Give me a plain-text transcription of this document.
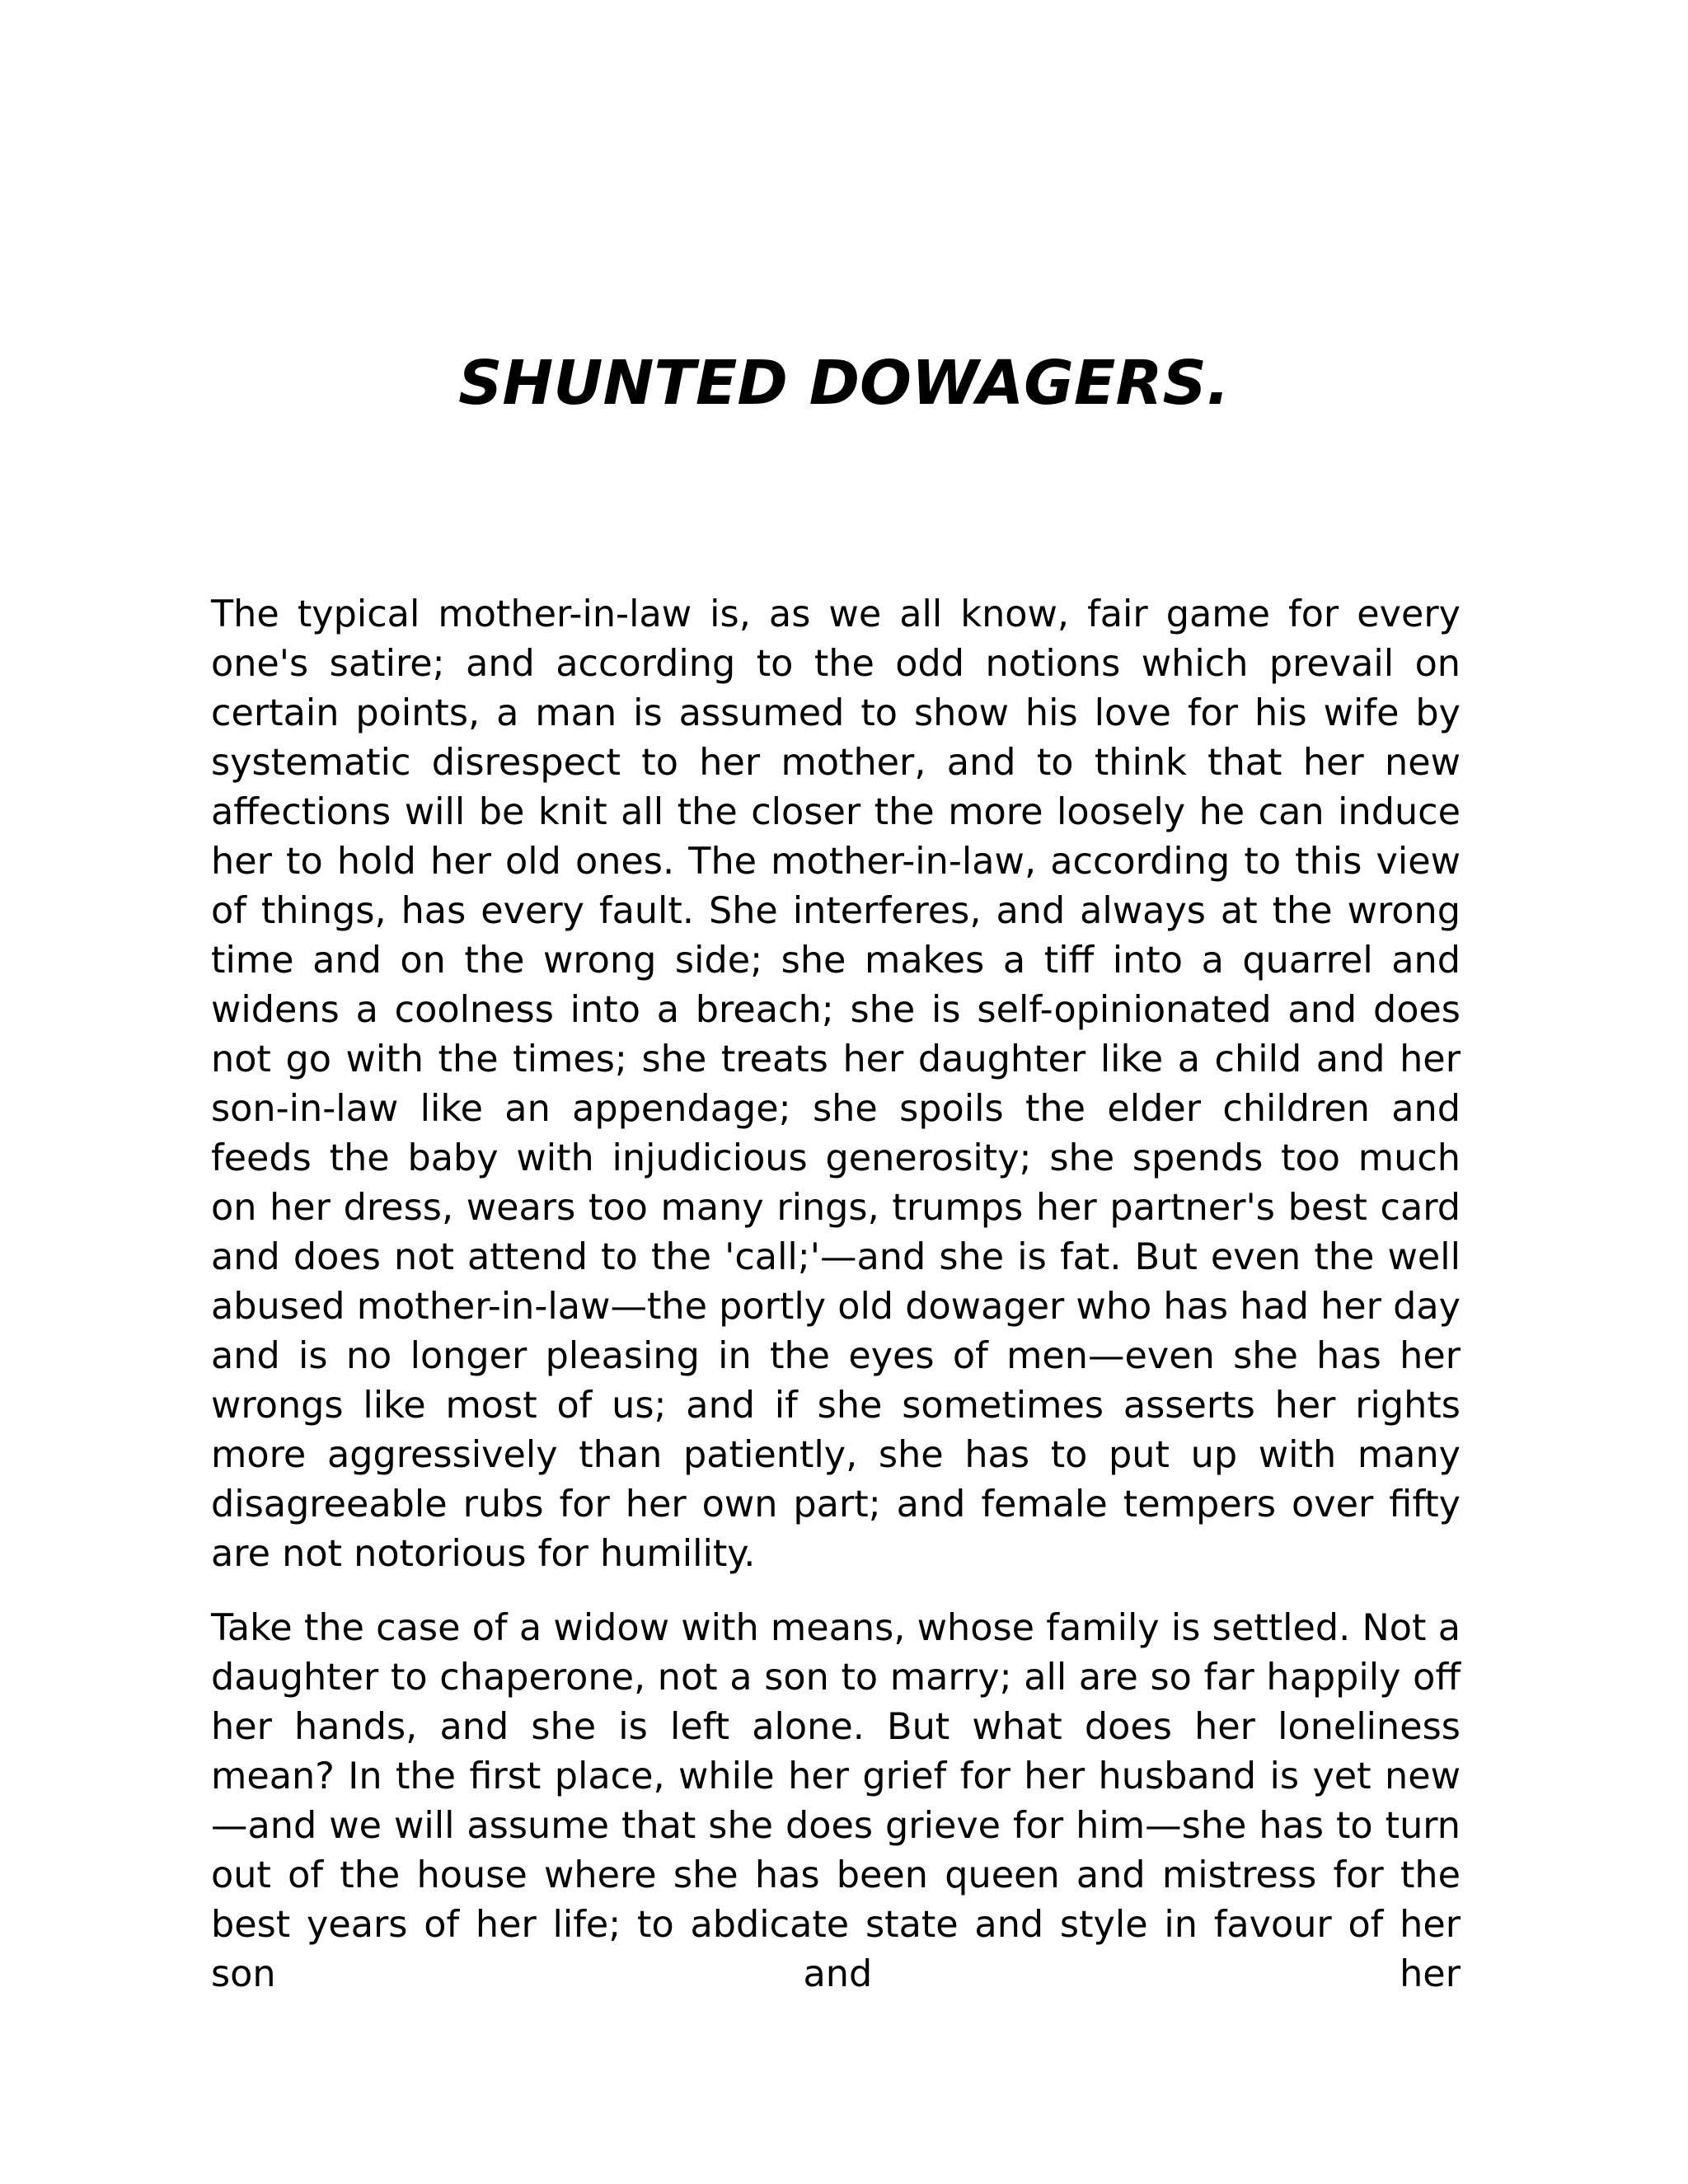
SHUNTED DOWAGERS.

The typical mother-in-law is, as we all know, fair game for every one's satire; and according to the odd notions which prevail on certain points, a man is assumed to show his love for his wife by systematic disrespect to her mother, and to think that her new affections will be knit all the closer the more loosely he can induce her to hold her old ones. The mother-in-law, according to this view of things, has every fault. She interferes, and always at the wrong time and on the wrong side; she makes a tiff into a quarrel and widens a coolness into a breach; she is self-opinionated and does not go with the times; she treats her daughter like a child and her son-in-law like an appendage; she spoils the elder children and feeds the baby with injudicious generosity; she spends too much on her dress, wears too many rings, trumps her partner's best card and does not attend to the 'call;'—and she is fat. But even the well abused mother-in-law—the portly old dowager who has had her day and is no longer pleasing in the eyes of men—even she has her wrongs like most of us; and if she sometimes asserts her rights more aggressively than patiently, she has to put up with many disagreeable rubs for her own part; and female tempers over fifty are not notorious for humility.

Take the case of a widow with means, whose family is settled. Not a daughter to chaperone, not a son to marry; all are so far happily off her hands, and she is left alone. But what does her loneliness mean? In the first place, while her grief for her husband is yet new—and we will assume that she does grieve for him—she has to turn out of the house where she has been queen and mistress for the best years of her life; to abdicate state and style in favour of her son and her
